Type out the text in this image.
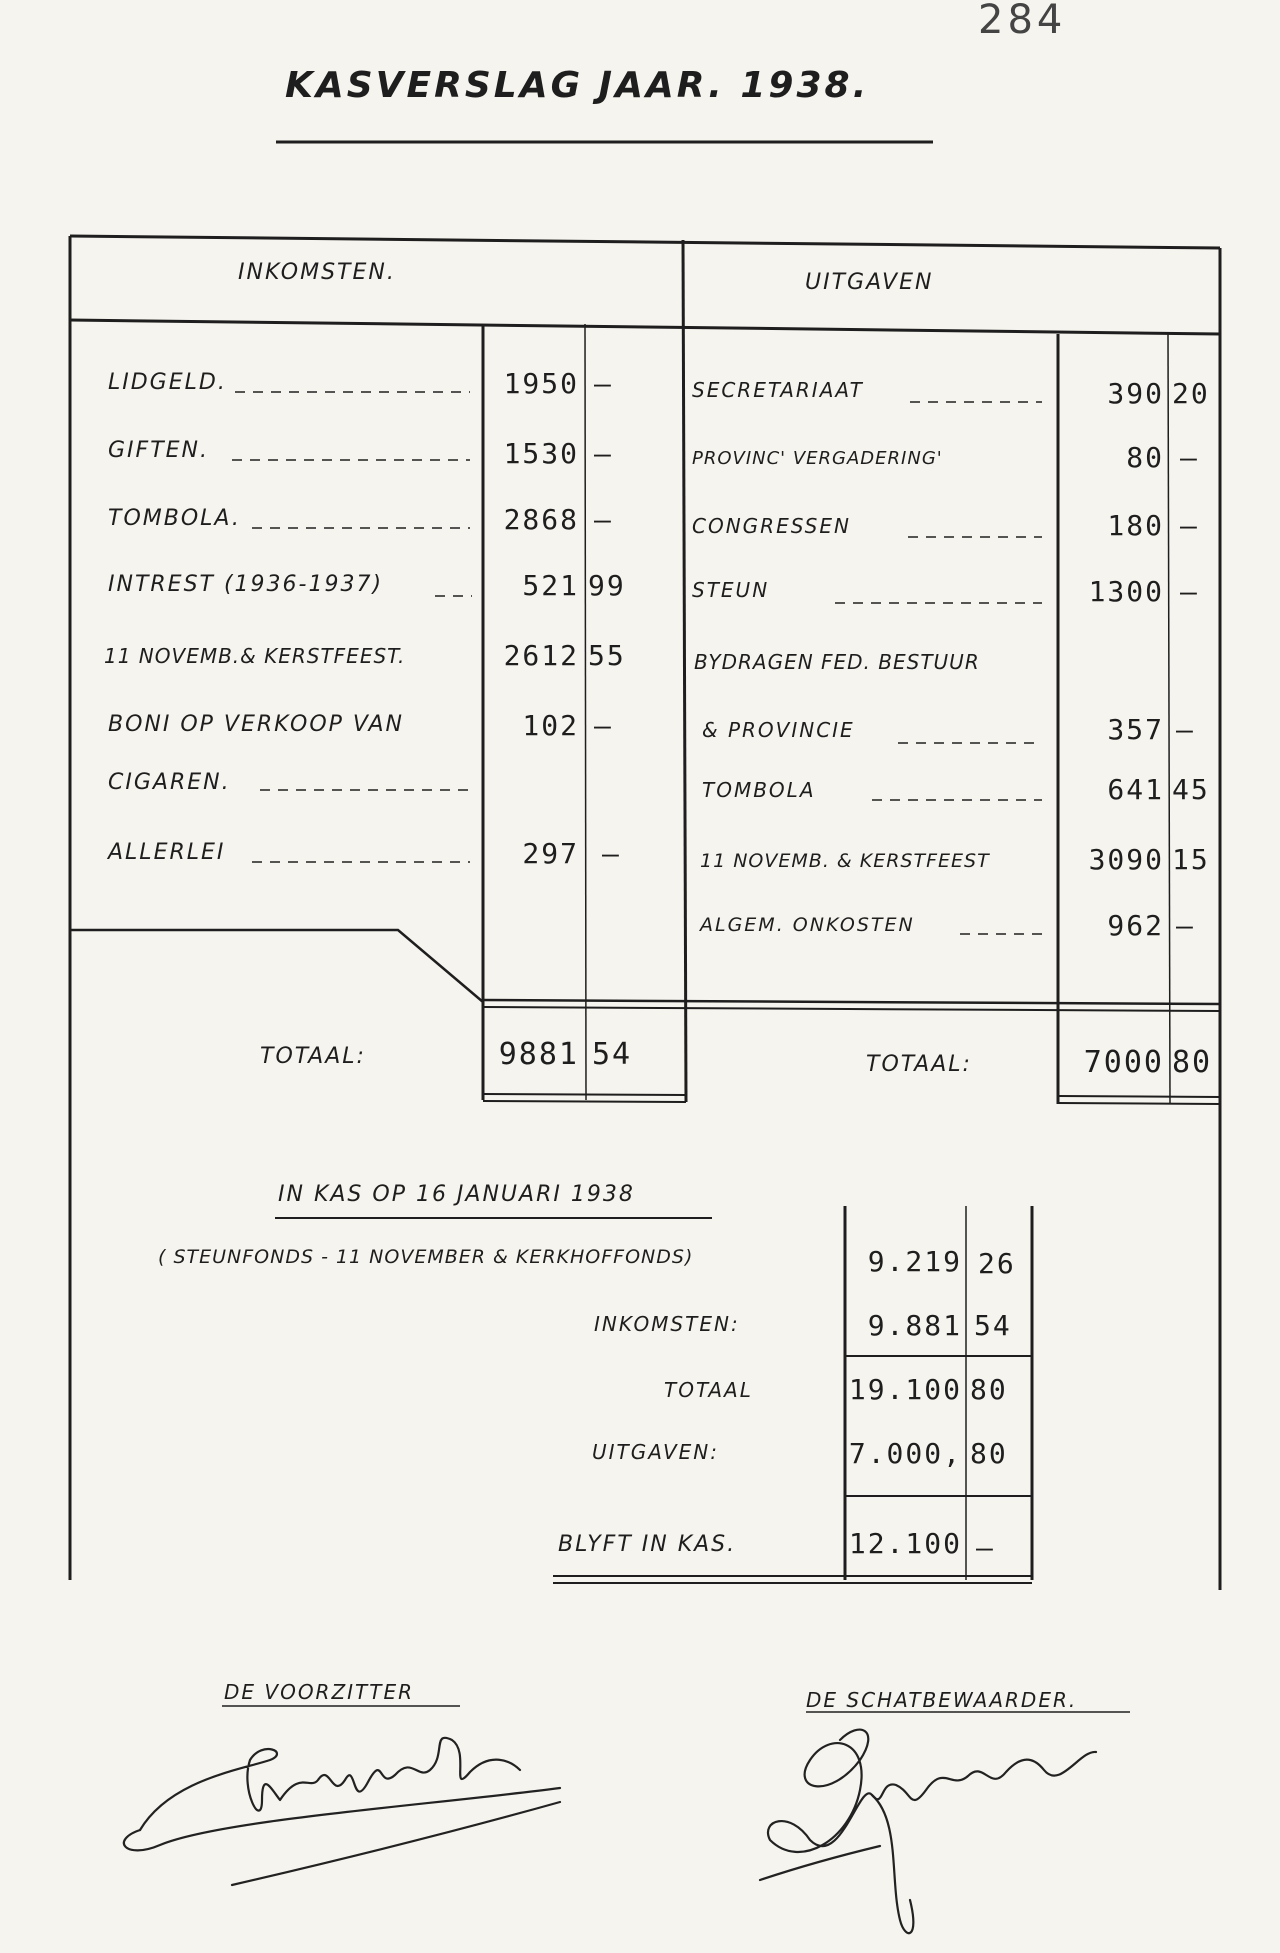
284
KASVERSLAG JAAR. 1938.
INKOMSTEN.	UITGAVEN
LIDGELD.	1950 –
GIFTEN.	1530 –
TOMBOLA.	2868 –
INTREST (1936-1937)	521 99
11 NOVEMB.& KERSTFEEST.	2612 55
BONI OP VERKOOP VAN	102 –
CIGAREN.
ALLERLEI	297 –
TOTAAL:	9881 54
SECRETARIAAT	390 20
PROVINC' VERGADERING'	80 –
CONGRESSEN	180 –
STEUN	1300 –
BYDRAGEN FED. BESTUUR
& PROVINCIE	357 –
TOMBOLA	641 45
11 NOVEMB. & KERSTFEEST	3090 15
ALGEM. ONKOSTEN	962 –
TOTAAL:	7000 80
IN KAS OP 16 JANUARI 1938
( STEUNFONDS - 11 NOVEMBER & KERKHOFFONDS)	9.219 26
INKOMSTEN:	9.881 54
TOTAAL	19.100 80
UITGAVEN:	7.000, 80
BLYFT IN KAS.	12.100 –
DE VOORZITTER	DE SCHATBEWAARDER.
